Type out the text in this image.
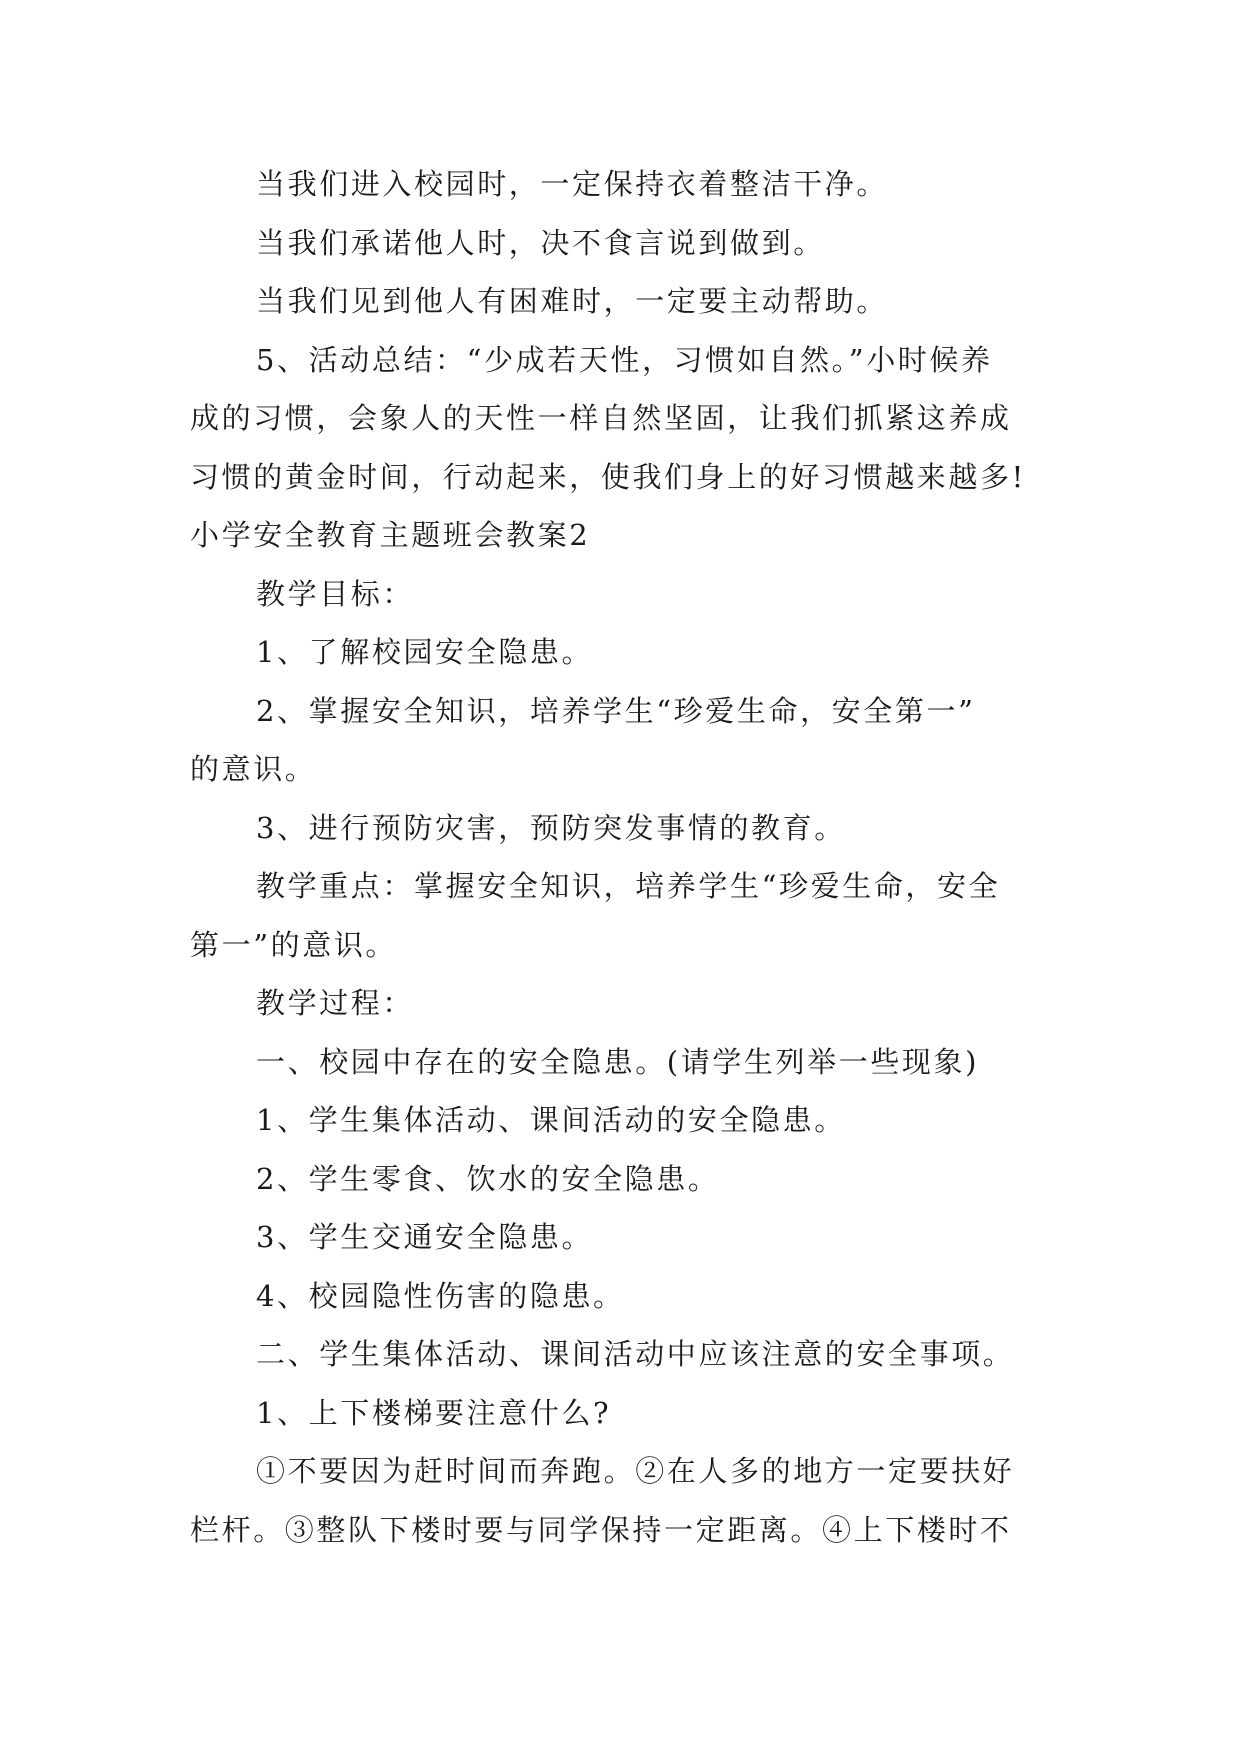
当我们进入校园时，一定保持衣着整洁干净。

当我们承诺他人时，决不食言说到做到。

当我们见到他人有困难时，一定要主动帮助。

5、活动总结：“少成若天性，习惯如自然。”小时候养

成的习惯，会象人的天性一样自然坚固，让我们抓紧这养成

习惯的黄金时间，行动起来，使我们身上的好习惯越来越多!

小学安全教育主题班会教案2

教学目标：

1、了解校园安全隐患。

2、掌握安全知识，培养学生“珍爱生命，安全第一”

的意识。

3、进行预防灾害，预防突发事情的教育。

教学重点：掌握安全知识，培养学生“珍爱生命，安全

第一”的意识。

教学过程：

一、校园中存在的安全隐患。(请学生列举一些现象)

1、学生集体活动、课间活动的安全隐患。

2、学生零食、饮水的安全隐患。

3、学生交通安全隐患。

4、校园隐性伤害的隐患。

二、学生集体活动、课间活动中应该注意的安全事项。

1、上下楼梯要注意什么?

①不要因为赶时间而奔跑。②在人多的地方一定要扶好

栏杆。③整队下楼时要与同学保持一定距离。④上下楼时不
